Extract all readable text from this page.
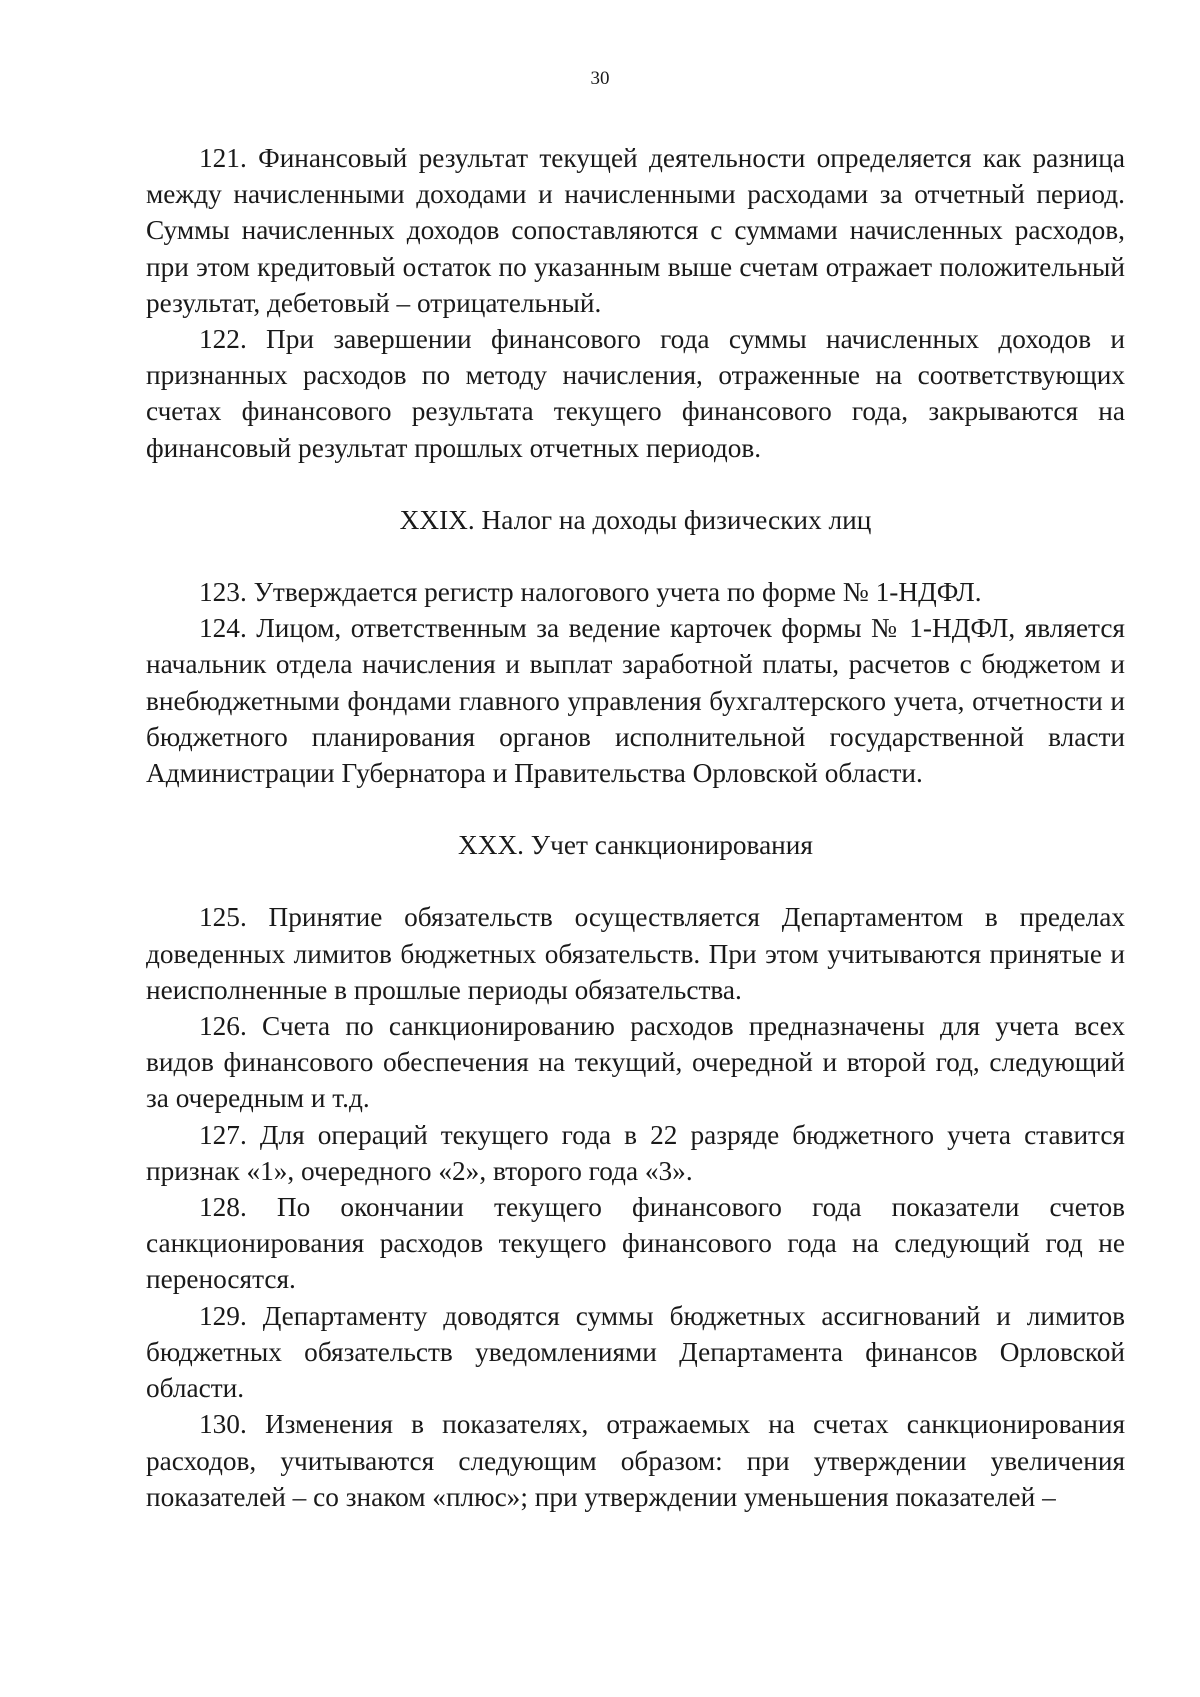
30

121. Финансовый результат текущей деятельности определяется как разница между начисленными доходами и начисленными расходами за отчетный период. Суммы начисленных доходов сопоставляются с суммами начисленных расходов, при этом кредитовый остаток по указанным выше счетам отражает положительный результат, дебетовый – отрицательный.

122. При завершении финансового года суммы начисленных доходов и признанных расходов по методу начисления, отраженные на соответствующих счетах финансового результата текущего финансового года, закрываются на финансовый результат прошлых отчетных периодов.

XXIX. Налог на доходы физических лиц

123. Утверждается регистр налогового учета по форме № 1-НДФЛ.

124. Лицом, ответственным за ведение карточек формы № 1-НДФЛ, является начальник отдела начисления и выплат заработной платы, расчетов с бюджетом и внебюджетными фондами главного управления бухгалтерского учета, отчетности и бюджетного планирования органов исполнительной государственной власти Администрации Губернатора и Правительства Орловской области.

XXX. Учет санкционирования

125. Принятие обязательств осуществляется Департаментом в пределах доведенных лимитов бюджетных обязательств. При этом учитываются принятые и неисполненные в прошлые периоды обязательства.

126. Счета по санкционированию расходов предназначены для учета всех видов финансового обеспечения на текущий, очередной и второй год, следующий за очередным и т.д.

127. Для операций текущего года в 22 разряде бюджетного учета ставится признак «1», очередного «2», второго года «3».

128. По окончании текущего финансового года показатели счетов санкционирования расходов текущего финансового года на следующий год не переносятся.

129. Департаменту доводятся суммы бюджетных ассигнований и лимитов бюджетных обязательств уведомлениями Департамента финансов Орловской области.

130. Изменения в показателях, отражаемых на счетах санкционирования расходов, учитываются следующим образом: при утверждении увеличения показателей – со знаком «плюс»; при утверждении уменьшения показателей –
